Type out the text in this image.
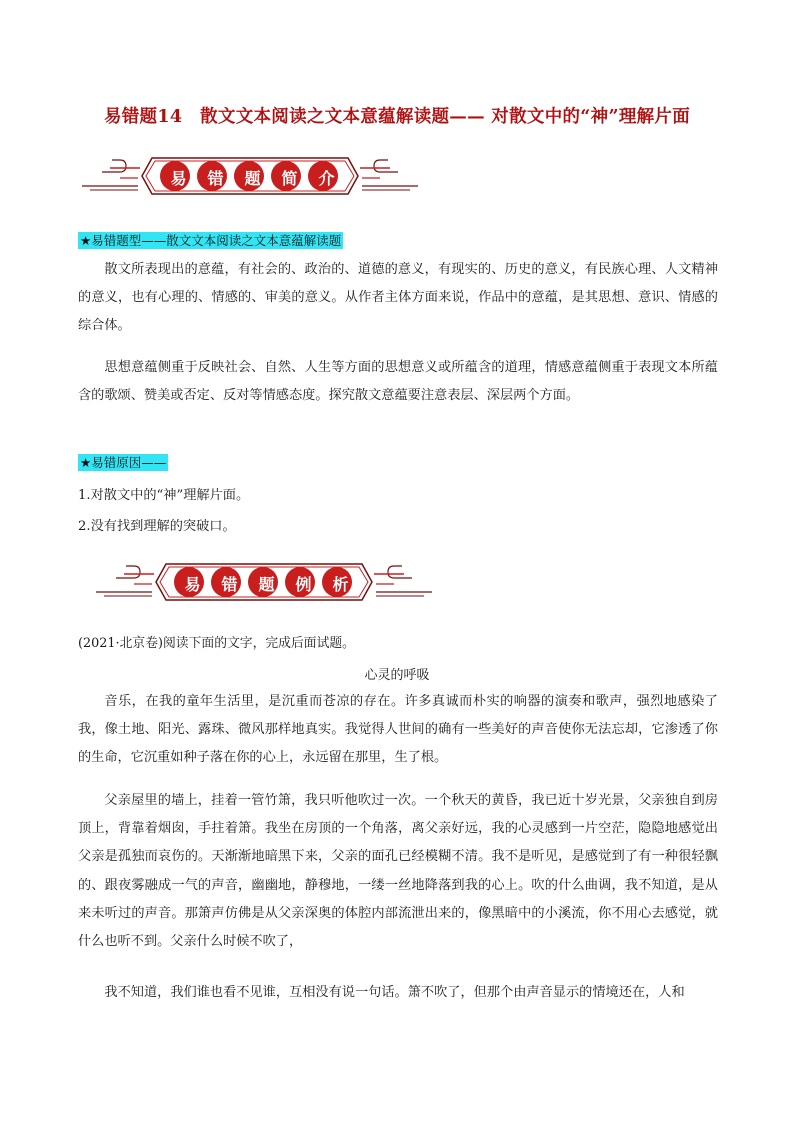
易错题14　散文文本阅读之文本意蕴解读题—— 对散文中的“神”理解片面
易	错	题	简	介
★易错题型——散文文本阅读之文本意蕴解读题
散文所表现出的意蕴，有社会的、政治的、道德的意义，有现实的、历史的意义，有民族心理、人文精神的意义，也有心理的、情感的、审美的意义。从作者主体方面来说，作品中的意蕴，是其思想、意识、情感的综合体。
思想意蕴侧重于反映社会、自然、人生等方面的思想意义或所蕴含的道理，情感意蕴侧重于表现文本所蕴含的歌颂、赞美或否定、反对等情感态度。探究散文意蕴要注意表层、深层两个方面。
★易错原因——
1.对散文中的“神”理解片面。
2.没有找到理解的突破口。
易	错	题	例	析
(2021·北京卷)阅读下面的文字，完成后面试题。
心灵的呼吸
音乐，在我的童年生活里，是沉重而苍凉的存在。许多真诚而朴实的响器的演奏和歌声，强烈地感染了我，像土地、阳光、露珠、微风那样地真实。我觉得人世间的确有一些美好的声音使你无法忘却，它渗透了你的生命，它沉重如种子落在你的心上，永远留在那里，生了根。
父亲屋里的墙上，挂着一管竹箫，我只听他吹过一次。一个秋天的黄昏，我已近十岁光景，父亲独自到房顶上，背靠着烟囱，手拄着箫。我坐在房顶的一个角落，离父亲好远，我的心灵感到一片空茫，隐隐地感觉出父亲是孤独而哀伤的。天渐渐地暗黑下来，父亲的面孔已经模糊不清。我不是听见，是感觉到了有一种很轻飘的、跟夜雾融成一气的声音，幽幽地，静穆地，一缕一丝地降落到我的心上。吹的什么曲调，我不知道，是从来未听过的声音。那箫声仿佛是从父亲深奥的体腔内部流泄出来的，像黑暗中的小溪流，你不用心去感觉，就什么也听不到。父亲什么时候不吹了，
我不知道，我们谁也看不见谁，互相没有说一句话。箫不吹了，但那个由声音显示的情境还在，人和
